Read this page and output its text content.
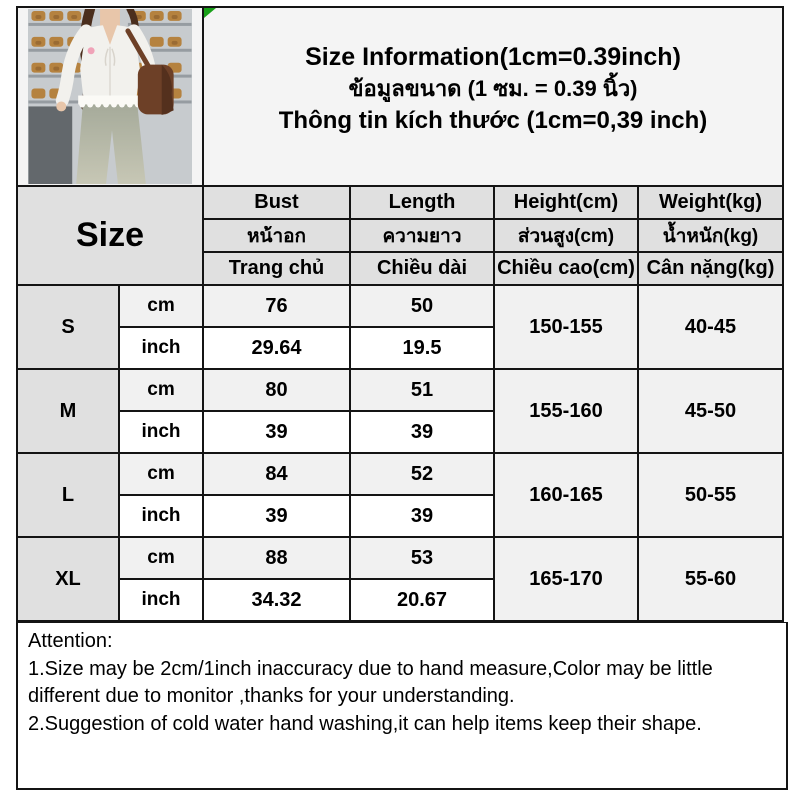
Size Information(1cm=0.39inch)
ข้อมูลขนาด (1 ซม. = 0.39 นิ้ว)
Thông tin kích thước (1cm=0,39 inch)			

Size		Bust	Length	Height(cm)	Weight(kg)
		หน้าอก	ความยาว	ส่วนสูง(cm)	น้ำหนัก(kg)
		Trang chủ	Chiều dài	Chiều cao(cm)	Cân nặng(kg)
S	cm	76	50	150-155	40-45
	inch	29.64	19.5		
M	cm	80	51	155-160	45-50
	inch	39	39		
L	cm	84	52	160-165	50-55
	inch	39	39		
XL	cm	88	53	165-170	55-60
	inch	34.32	20.67		
Attention:
1.Size may be 2cm/1inch inaccuracy due to hand measure,Color may be little different due to monitor ,thanks for your understanding.
2.Suggestion of cold water hand washing,it can help items keep their shape.
